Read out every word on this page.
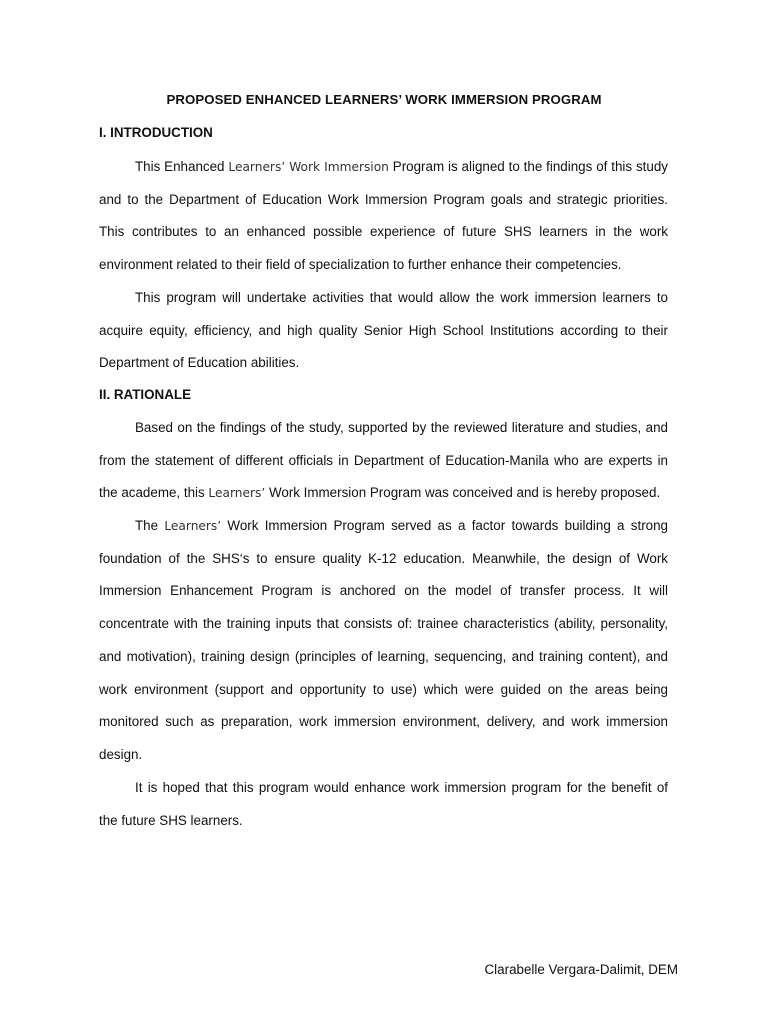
PROPOSED ENHANCED LEARNERS’ WORK IMMERSION PROGRAM
I. INTRODUCTION

This Enhanced Learners’ Work Immersion Program is aligned to the findings of this study and to the Department of Education Work Immersion Program goals and strategic priorities. This contributes to an enhanced possible experience of future SHS learners in the work environment related to their field of specialization to further enhance their competencies.

This program will undertake activities that would allow the work immersion learners to acquire equity, efficiency, and high quality Senior High School Institutions according to their Department of Education abilities.

II. RATIONALE

Based on the findings of the study, supported by the reviewed literature and studies, and from the statement of different officials in Department of Education-Manila who are experts in the academe, this Learners’ Work Immersion Program was conceived and is hereby proposed.

The Learners’ Work Immersion Program served as a factor towards building a strong foundation of the SHS‘s to ensure quality K-12 education. Meanwhile, the design of Work Immersion Enhancement Program is anchored on the model of transfer process. It will concentrate with the training inputs that consists of: trainee characteristics (ability, personality, and motivation), training design (principles of learning, sequencing, and training content), and work environment (support and opportunity to use) which were guided on the areas being monitored such as preparation, work immersion environment, delivery, and work immersion design.

It is hoped that this program would enhance work immersion program for the benefit of the future SHS learners.

Clarabelle Vergara-Dalimit, DEM
